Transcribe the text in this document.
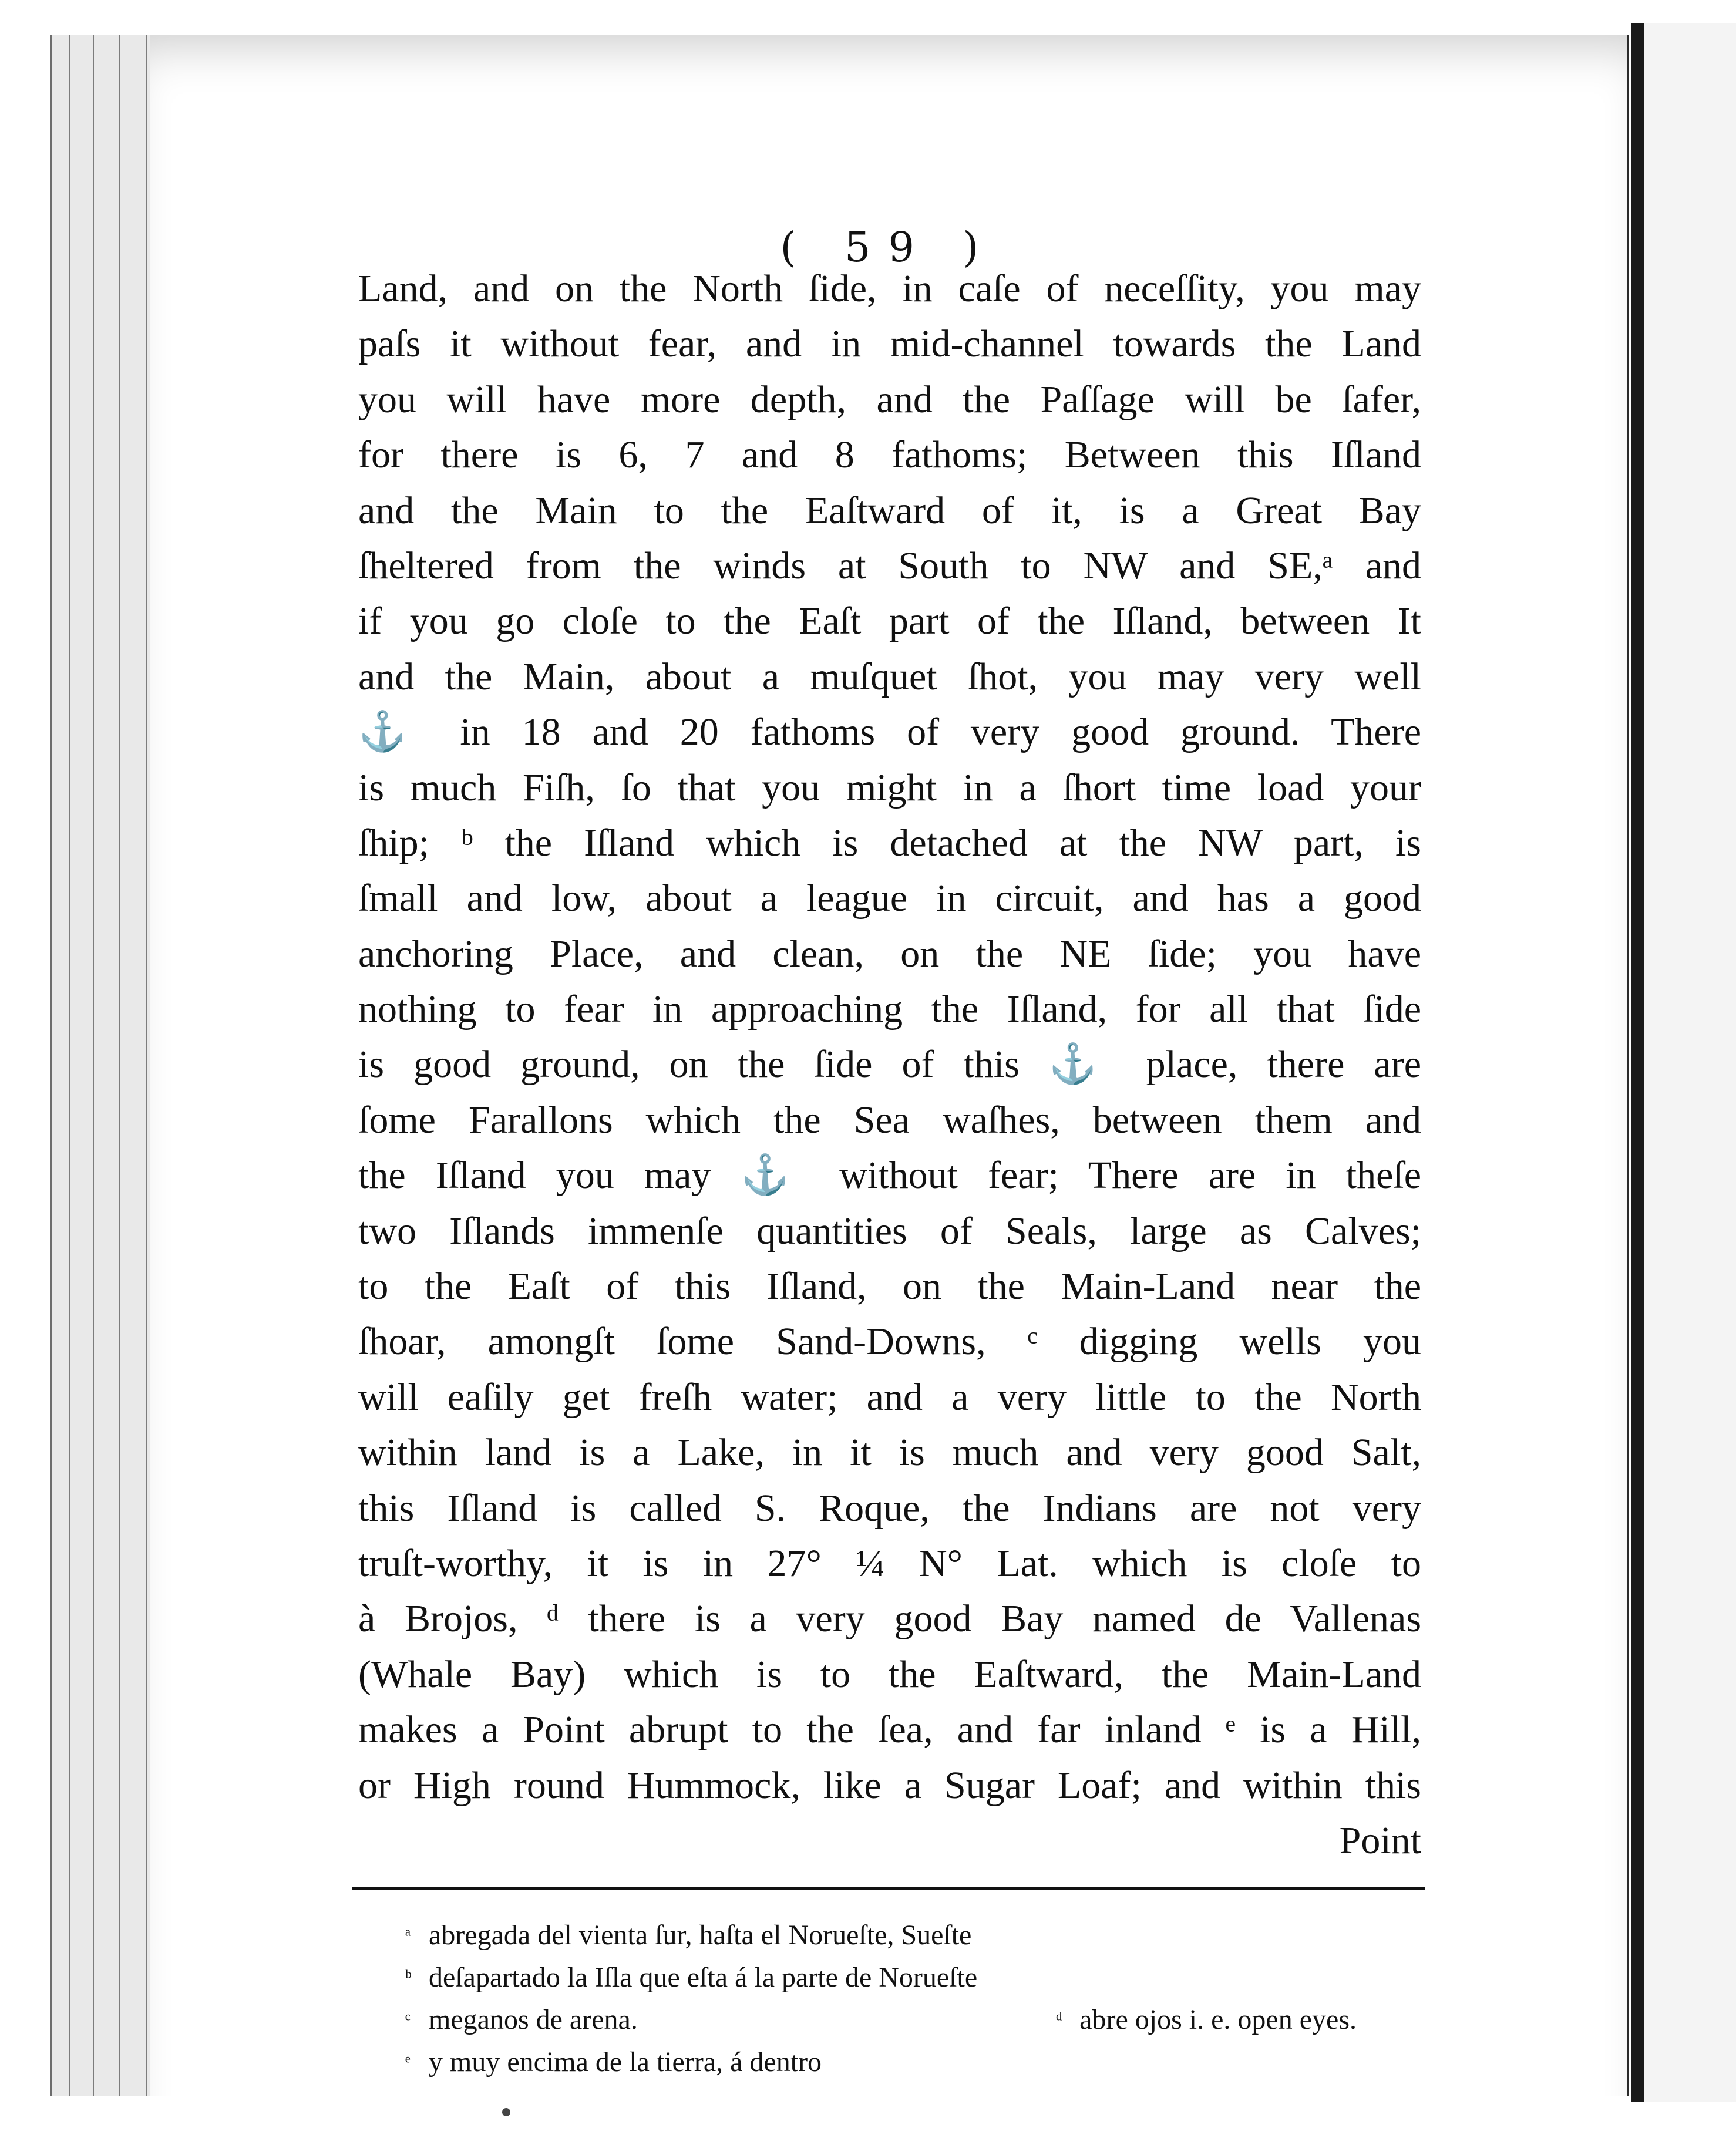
( 59 )
Land, and on the North ſide, in caſe of neceſſity, you may
paſs it without fear, and in mid-channel towards the Land
you will have more depth, and the Paſſage will be ſafer,
for there is 6, 7 and 8 fathoms; Between this Iſland
and the Main to the Eaſtward of it, is a Great Bay
ſheltered from the winds at South to NW and SE,ᵃ and
if you go cloſe to the Eaſt part of the Iſland, between It
and the Main, about a muſquet ſhot, you may very well
⚓ in 18 and 20 fathoms of very good ground. There
is much Fiſh, ſo that you might in a ſhort time load your
ſhip; ᵇ the Iſland which is detached at the NW part, is
ſmall and low, about a league in circuit, and has a good
anchoring Place, and clean, on the NE ſide; you have
nothing to fear in approaching the Iſland, for all that ſide
is good ground, on the ſide of this ⚓ place, there are
ſome Farallons which the Sea waſhes, between them and
the Iſland you may ⚓ without fear; There are in theſe
two Iſlands immenſe quantities of Seals, large as Calves;
to the Eaſt of this Iſland, on the Main-Land near the
ſhoar, amongſt ſome Sand-Downs, ᶜ digging wells you
will eaſily get freſh water; and a very little to the North
within land is a Lake, in it is much and very good Salt,
this Iſland is called S. Roque, the Indians are not very
truſt-worthy, it is in 27° ¼ N° Lat. which is cloſe to
à Brojos, ᵈ there is a very good Bay named de Vallenas
(Whale Bay) which is to the Eaſtward, the Main-Land
makes a Point abrupt to the ſea, and far inland ᵉ is a Hill,
or High round Hummock, like a Sugar Loaf; and within this
Point
ᵃ abregada del vienta ſur, haſta el Norueſte, Sueſte
ᵇ deſapartado la Iſla que eſta á la parte de Norueſte
ᶜ meganos de arena.	ᵈ abre ojos i. e. open eyes.
ᵉ y muy encima de la tierra, á dentro
